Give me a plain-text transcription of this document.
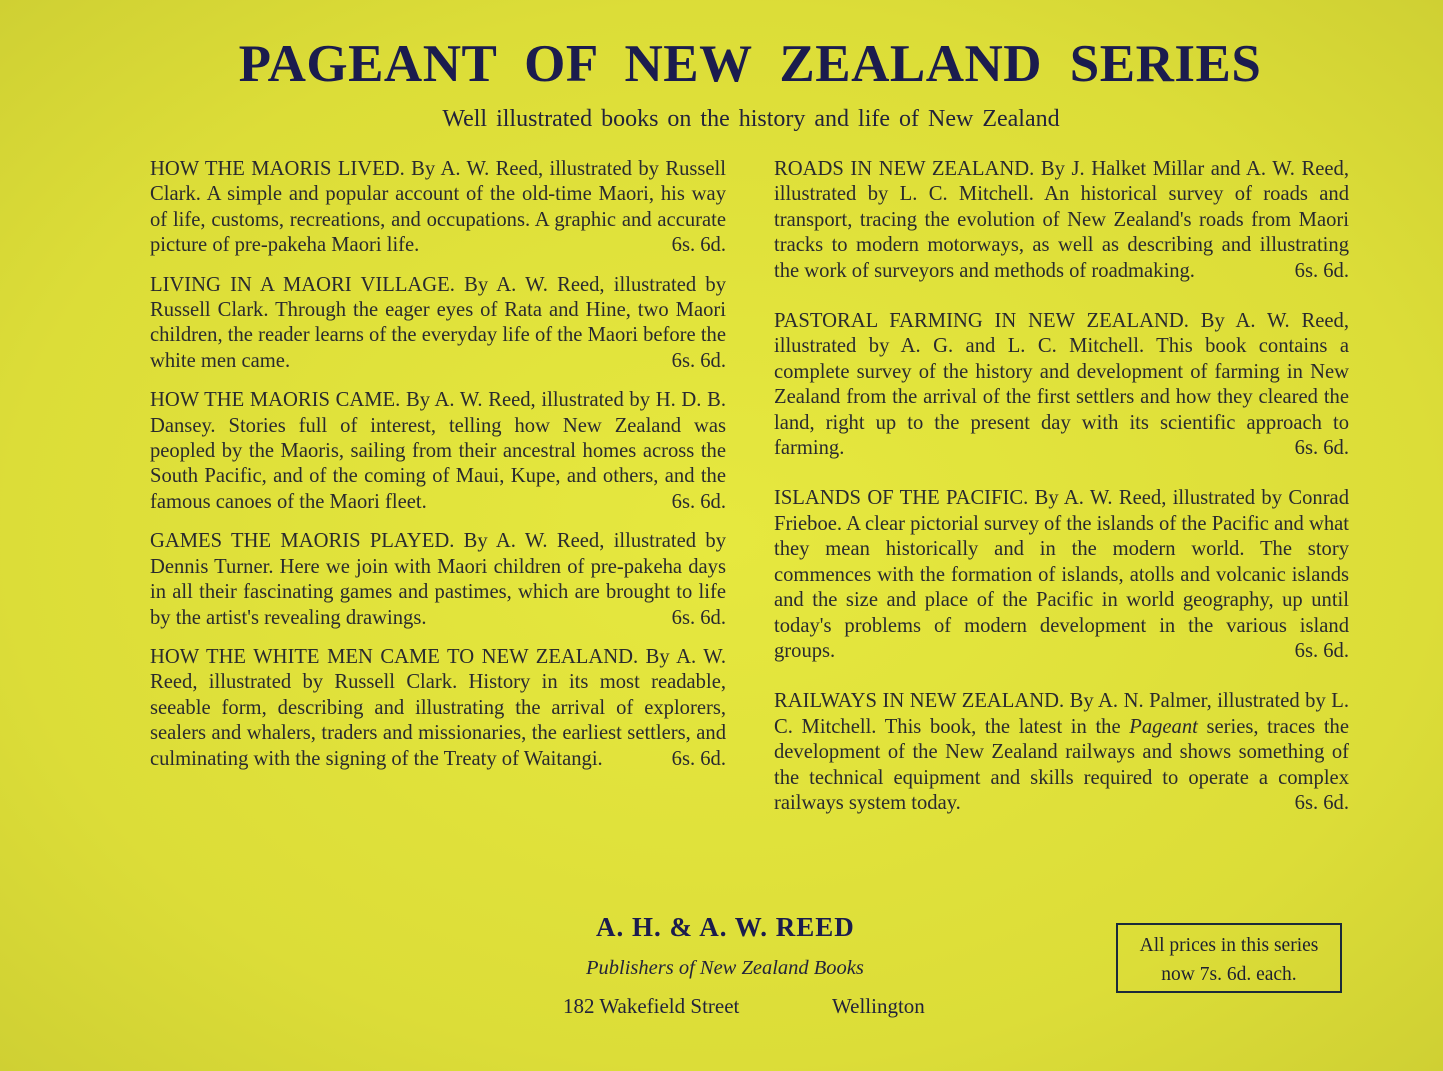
PAGEANT OF NEW ZEALAND SERIES
Well illustrated books on the history and life of New Zealand

HOW THE MAORIS LIVED. By A. W. Reed, illustrated by Russell Clark. A simple and popular account of the old-time Maori, his way of life, customs, recreations, and occupations. A graphic and accurate picture of pre-pakeha Maori life.	6s. 6d.

LIVING IN A MAORI VILLAGE. By A. W. Reed, illustrated by Russell Clark. Through the eager eyes of Rata and Hine, two Maori children, the reader learns of the everyday life of the Maori before the white men came.	6s. 6d.

HOW THE MAORIS CAME. By A. W. Reed, illustrated by H. D. B. Dansey. Stories full of interest, telling how New Zealand was peopled by the Maoris, sailing from their ancestral homes across the South Pacific, and of the coming of Maui, Kupe, and others, and the famous canoes of the Maori fleet.	6s. 6d.

GAMES THE MAORIS PLAYED. By A. W. Reed, illustrated by Dennis Turner. Here we join with Maori children of pre-pakeha days in all their fascinating games and pastimes, which are brought to life by the artist's revealing drawings.	6s. 6d.

HOW THE WHITE MEN CAME TO NEW ZEALAND. By A. W. Reed, illustrated by Russell Clark. History in its most readable, seeable form, describing and illustrating the arrival of explorers, sealers and whalers, traders and missionaries, the earliest settlers, and culminating with the signing of the Treaty of Waitangi.	6s. 6d.

ROADS IN NEW ZEALAND. By J. Halket Millar and A. W. Reed, illustrated by L. C. Mitchell. An historical survey of roads and transport, tracing the evolution of New Zealand's roads from Maori tracks to modern motorways, as well as describing and illustrating the work of surveyors and methods of roadmaking.	6s. 6d.

PASTORAL FARMING IN NEW ZEALAND. By A. W. Reed, illustrated by A. G. and L. C. Mitchell. This book contains a complete survey of the history and development of farming in New Zealand from the arrival of the first settlers and how they cleared the land, right up to the present day with its scientific approach to farming.	6s. 6d.

ISLANDS OF THE PACIFIC. By A. W. Reed, illustrated by Conrad Frieboe. A clear pictorial survey of the islands of the Pacific and what they mean historically and in the modern world. The story commences with the formation of islands, atolls and volcanic islands and the size and place of the Pacific in world geography, up until today's problems of modern development in the various island groups.	6s. 6d.

RAILWAYS IN NEW ZEALAND. By A. N. Palmer, illustrated by L. C. Mitchell. This book, the latest in the Pageant series, traces the development of the New Zealand railways and shows something of the technical equipment and skills required to operate a complex railways system today.	6s. 6d.

A. H. & A. W. REED
Publishers of New Zealand Books
182 Wakefield Street	Wellington
All prices in this series
now 7s. 6d. each.
